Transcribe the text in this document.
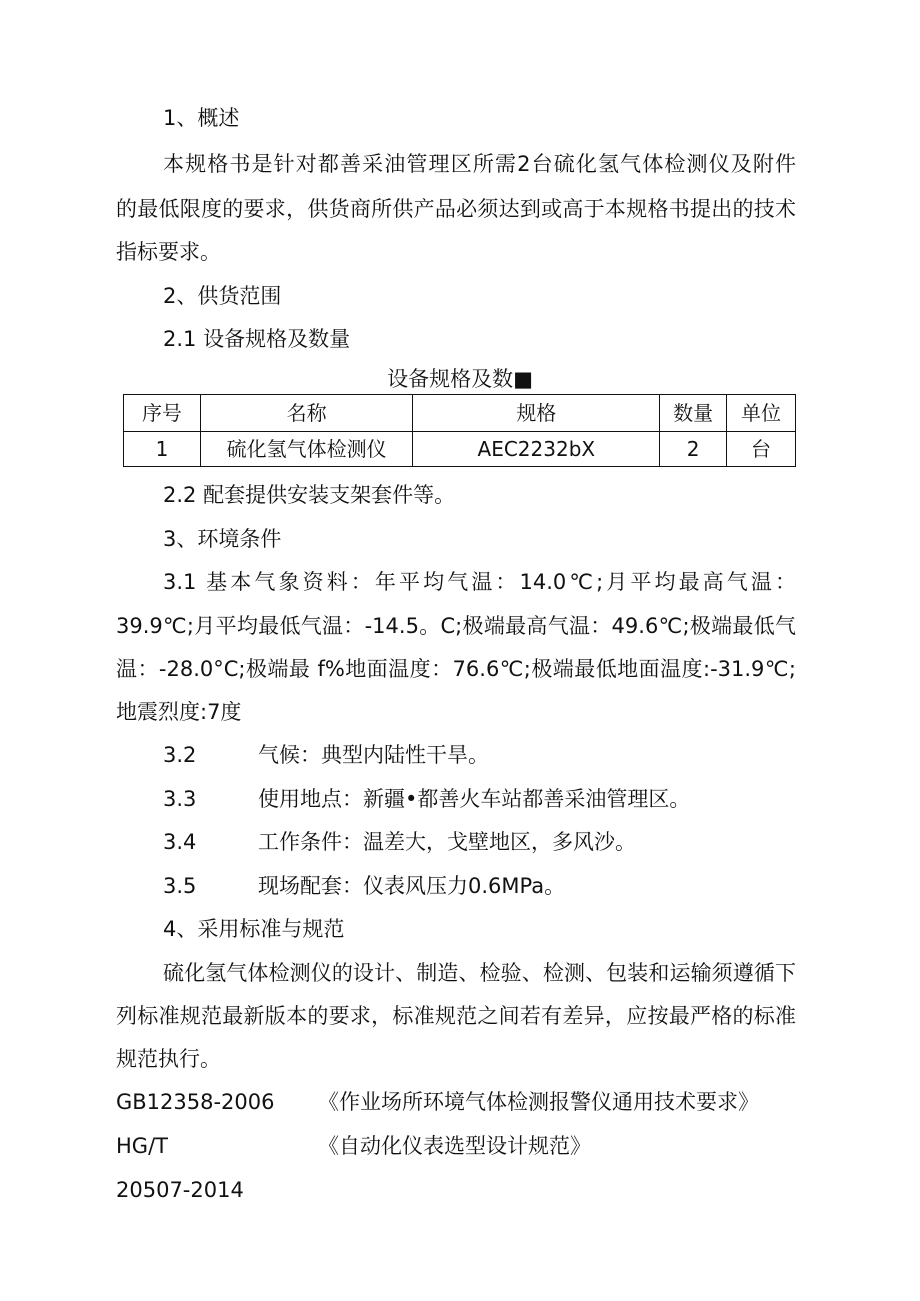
1、概述
本规格书是针对都善采油管理区所需2台硫化氢气体检测仪及附件
的最低限度的要求，供货商所供产品必须达到或高于本规格书提出的技术
指标要求。
2、供货范围
2.1 设备规格及数量
设备规格及数■
序号	名称	规格	数量	单位
1	硫化氢气体检测仪	AEC2232bX	2	台
2.2 配套提供安装支架套件等。
3、环境条件
3.1 基本气象资料：年平均气温：14.0℃;月平均最高气温：
39.9℃;月平均最低气温：-14.5。C;极端最高气温：49.6℃;极端最低气
温：-28.0°C;极端最 f%地面温度：76.6℃;极端最低地面温度:-31.9℃;
地震烈度:7度
3.2	气候：典型内陆性干旱。
3.3	使用地点：新疆•都善火车站都善采油管理区。
3.4	工作条件：温差大，戈壁地区，多风沙。
3.5	现场配套：仪表风压力0.6MPa。
4、采用标准与规范
硫化氢气体检测仪的设计、制造、检验、检测、包装和运输须遵循下
列标准规范最新版本的要求，标准规范之间若有差异，应按最严格的标准
规范执行。
GB12358-2006 《作业场所环境气体检测报警仪通用技术要求》
HG/T	《自动化仪表选型设计规范》
20507-2014
